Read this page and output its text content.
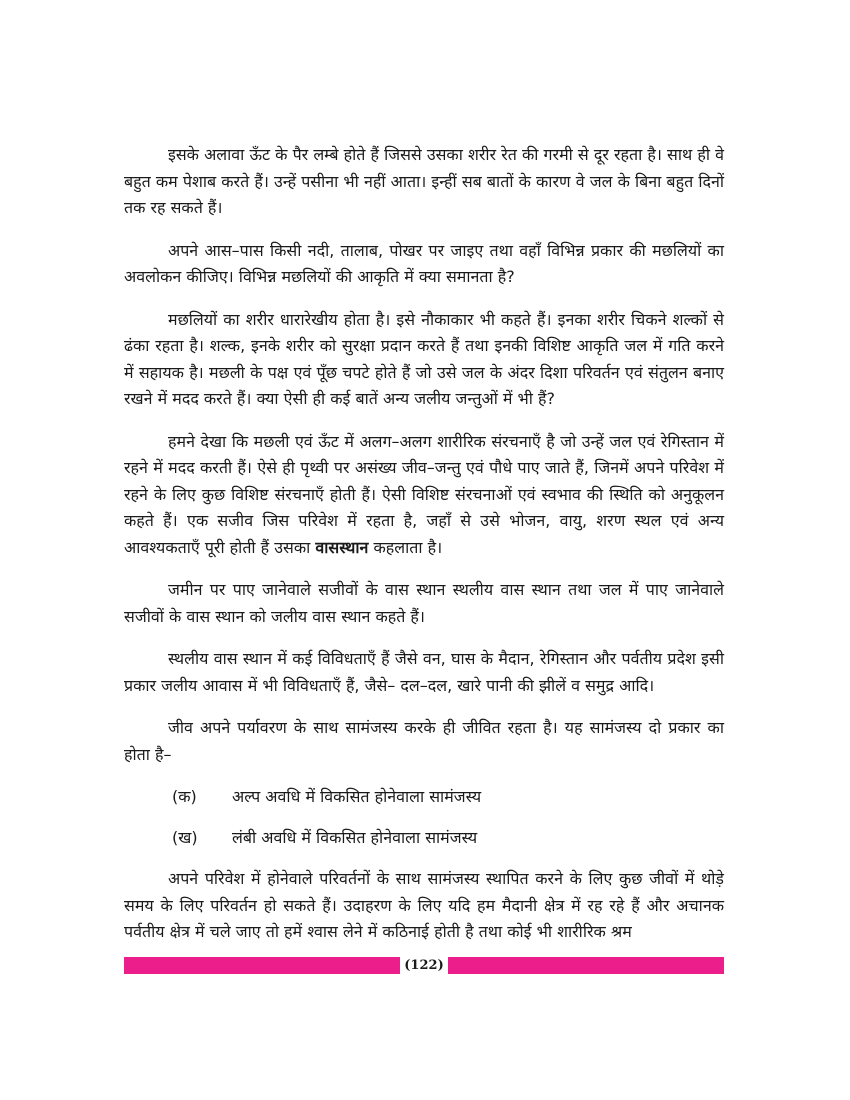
इसके अलावा ऊँट के पैर लम्बे होते हैं जिससे उसका शरीर रेत की गरमी से दूर रहता है। साथ ही वे बहुत कम पेशाब करते हैं। उन्हें पसीना भी नहीं आता। इन्हीं सब बातों के कारण वे जल के बिना बहुत दिनों तक रह सकते हैं।

अपने आस–पास किसी नदी, तालाब, पोखर पर जाइए तथा वहाँ विभिन्न प्रकार की मछलियों का अवलोकन कीजिए। विभिन्न मछलियों की आकृति में क्या समानता है?

मछलियों का शरीर धारारेखीय होता है। इसे नौकाकार भी कहते हैं। इनका शरीर चिकने शल्कों से ढंका रहता है। शल्क, इनके शरीर को सुरक्षा प्रदान करते हैं तथा इनकी विशिष्ट आकृति जल में गति करने में सहायक है। मछली के पक्ष एवं पूँछ चपटे होते हैं जो उसे जल के अंदर दिशा परिवर्तन एवं संतुलन बनाए रखने में मदद करते हैं। क्या ऐसी ही कई बातें अन्य जलीय जन्तुओं में भी हैं?

हमने देखा कि मछली एवं ऊँट में अलग–अलग शारीरिक संरचनाएँ है जो उन्हें जल एवं रेगिस्तान में रहने में मदद करती हैं। ऐसे ही पृथ्वी पर असंख्य जीव–जन्तु एवं पौधे पाए जाते हैं, जिनमें अपने परिवेश में रहने के लिए कुछ विशिष्ट संरचनाएँ होती हैं। ऐसी विशिष्ट संरचनाओं एवं स्वभाव की स्थिति को अनुकूलन कहते हैं। एक सजीव जिस परिवेश में रहता है, जहाँ से उसे भोजन, वायु, शरण स्थल एवं अन्य आवश्यकताएँ पूरी होती हैं उसका वासस्थान कहलाता है।

जमीन पर पाए जानेवाले सजीवों के वास स्थान स्थलीय वास स्थान तथा जल में पाए जानेवाले सजीवों के वास स्थान को जलीय वास स्थान कहते हैं।

स्थलीय वास स्थान में कई विविधताएँ हैं जैसे वन, घास के मैदान, रेगिस्तान और पर्वतीय प्रदेश इसी प्रकार जलीय आवास में भी विविधताएँ हैं, जैसे– दल–दल, खारे पानी की झीलें व समुद्र आदि।

जीव अपने पर्यावरण के साथ सामंजस्य करके ही जीवित रहता है। यह सामंजस्य दो प्रकार का होता है–

(क)	अल्प अवधि में विकसित होनेवाला सामंजस्य
(ख)	लंबी अवधि में विकसित होनेवाला सामंजस्य

अपने परिवेश में होनेवाले परिवर्तनों के साथ सामंजस्य स्थापित करने के लिए कुछ जीवों में थोड़े समय के लिए परिवर्तन हो सकते हैं। उदाहरण के लिए यदि हम मैदानी क्षेत्र में रह रहे हैं और अचानक पर्वतीय क्षेत्र में चले जाए तो हमें श्वास लेने में कठिनाई होती है तथा कोई भी शारीरिक श्रम

(122)
